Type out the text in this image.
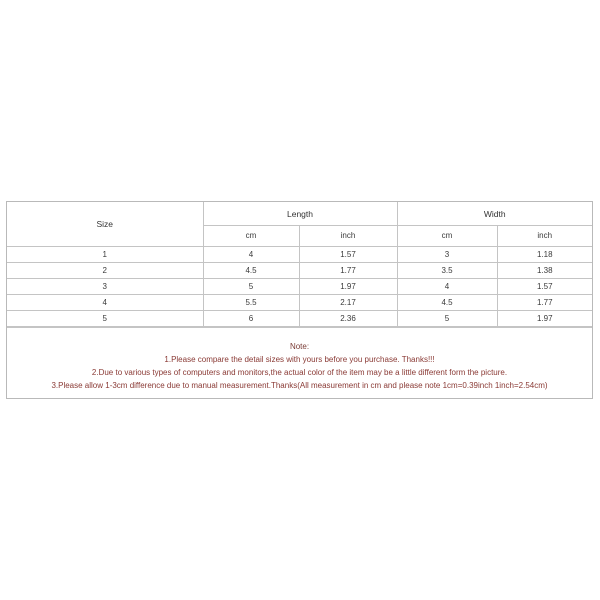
Size	Length		Width	
	cm	inch	cm	inch
1	4	1.57	3	1.18
2	4.5	1.77	3.5	1.38
3	5	1.97	4	1.57
4	5.5	2.17	4.5	1.77
5	6	2.36	5	1.97
Note:
1.Please compare the detail sizes with yours before you purchase. Thanks!!!
2.Due to various types of computers and monitors,the actual color of the item may be a little different form the picture.
3.Please allow 1-3cm difference due to manual measurement.Thanks(All measurement in cm and please note 1cm=0.39inch 1inch=2.54cm)
